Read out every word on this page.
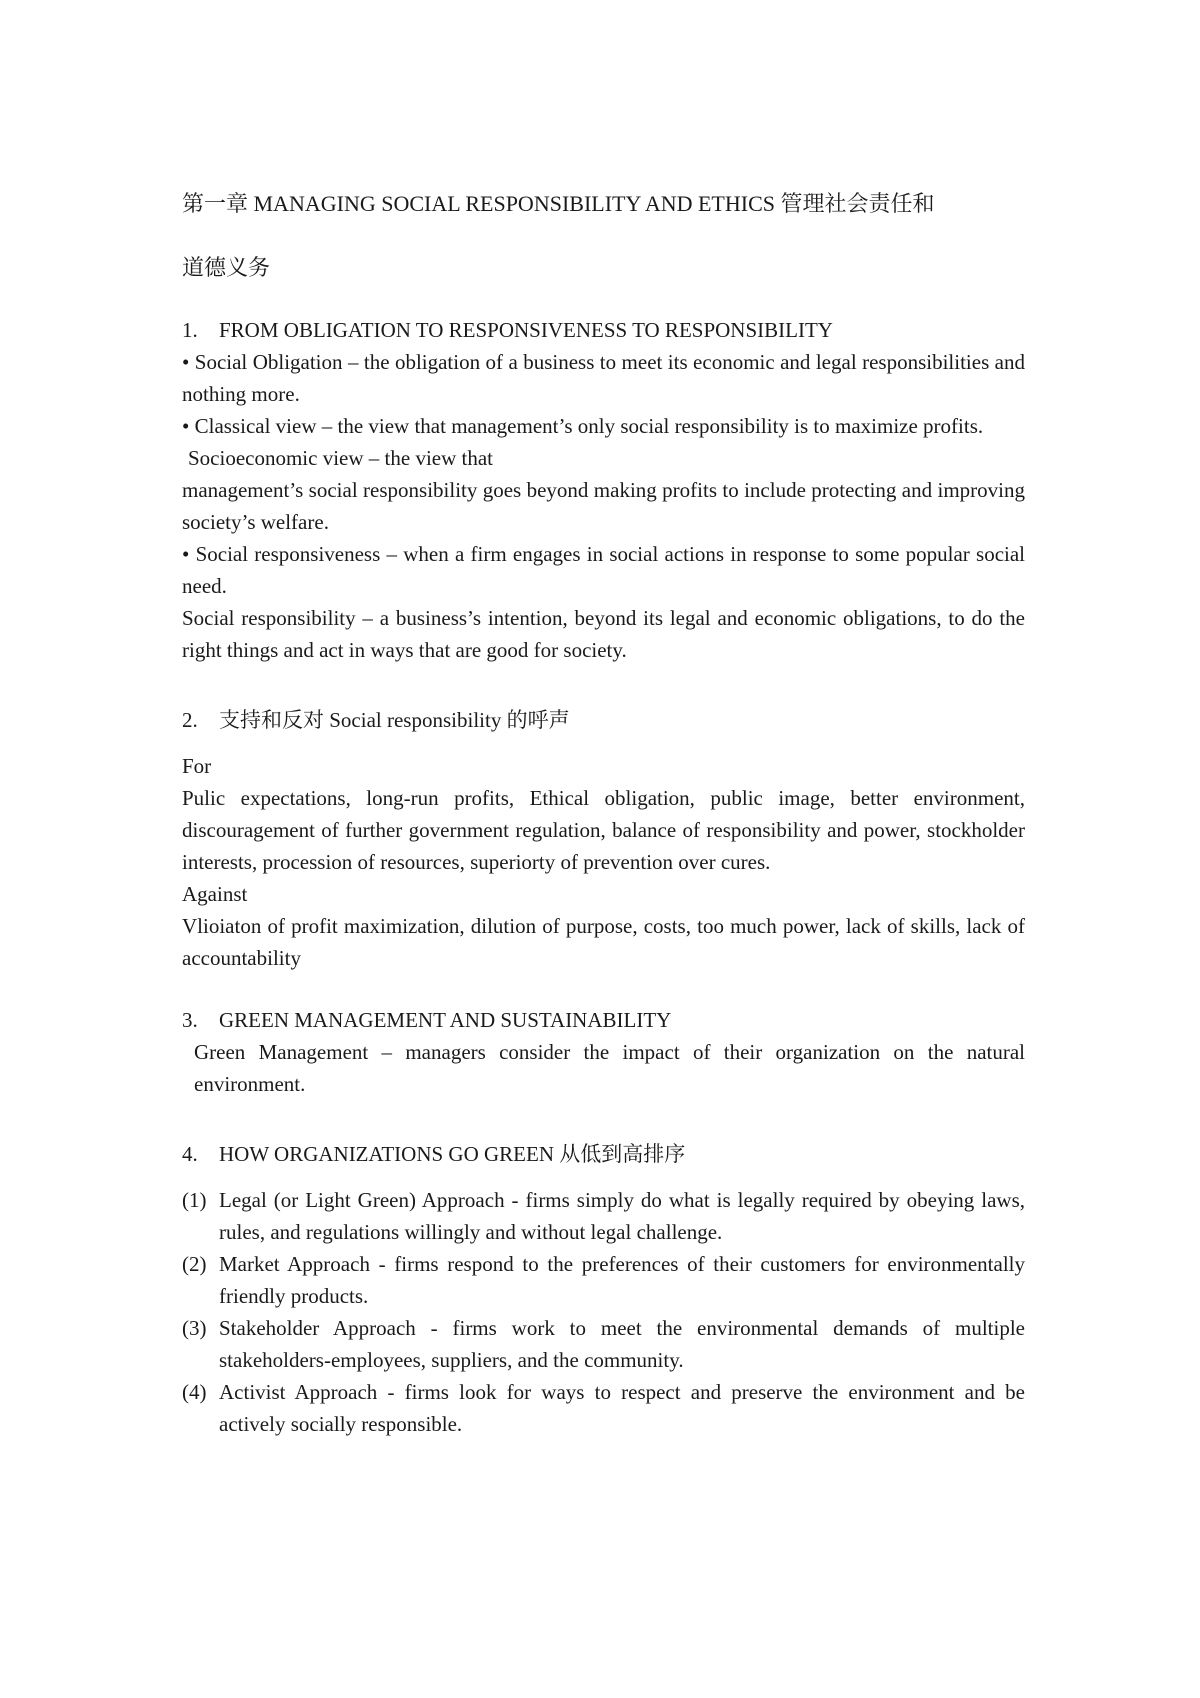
第一章 MANAGING SOCIAL RESPONSIBILITY AND ETHICS 管理社会责任和

道德义务

1. FROM OBLIGATION TO RESPONSIVENESS TO RESPONSIBILITY

• Social Obligation – the obligation of a business to meet its economic and legal responsibilities and nothing more.

• Classical view – the view that management’s only social responsibility is to maximize profits.

Socioeconomic view – the view that

management’s social responsibility goes beyond making profits to include protecting and improving society’s welfare.

• Social responsiveness – when a firm engages in social actions in response to some popular social need.

Social responsibility – a business’s intention, beyond its legal and economic obligations, to do the right things and act in ways that are good for society.

2. 支持和反对 Social responsibility 的呼声

For

Pulic expectations, long-run profits, Ethical obligation, public image, better environment, discouragement of further government regulation, balance of responsibility and power, stockholder interests, procession of resources, superiorty of prevention over cures.

Against

Vlioiaton of profit maximization, dilution of purpose, costs, too much power, lack of skills, lack of accountability

3. GREEN MANAGEMENT AND SUSTAINABILITY

Green Management – managers consider the impact of their organization on the natural environment.

4. HOW ORGANIZATIONS GO GREEN 从低到高排序

(1) Legal (or Light Green) Approach - firms simply do what is legally required by obeying laws, rules, and regulations willingly and without legal challenge.
(2) Market Approach - firms respond to the preferences of their customers for environmentally friendly products.
(3) Stakeholder Approach - firms work to meet the environmental demands of multiple stakeholders-employees, suppliers, and the community.
(4) Activist Approach - firms look for ways to respect and preserve the environment and be actively socially responsible.
